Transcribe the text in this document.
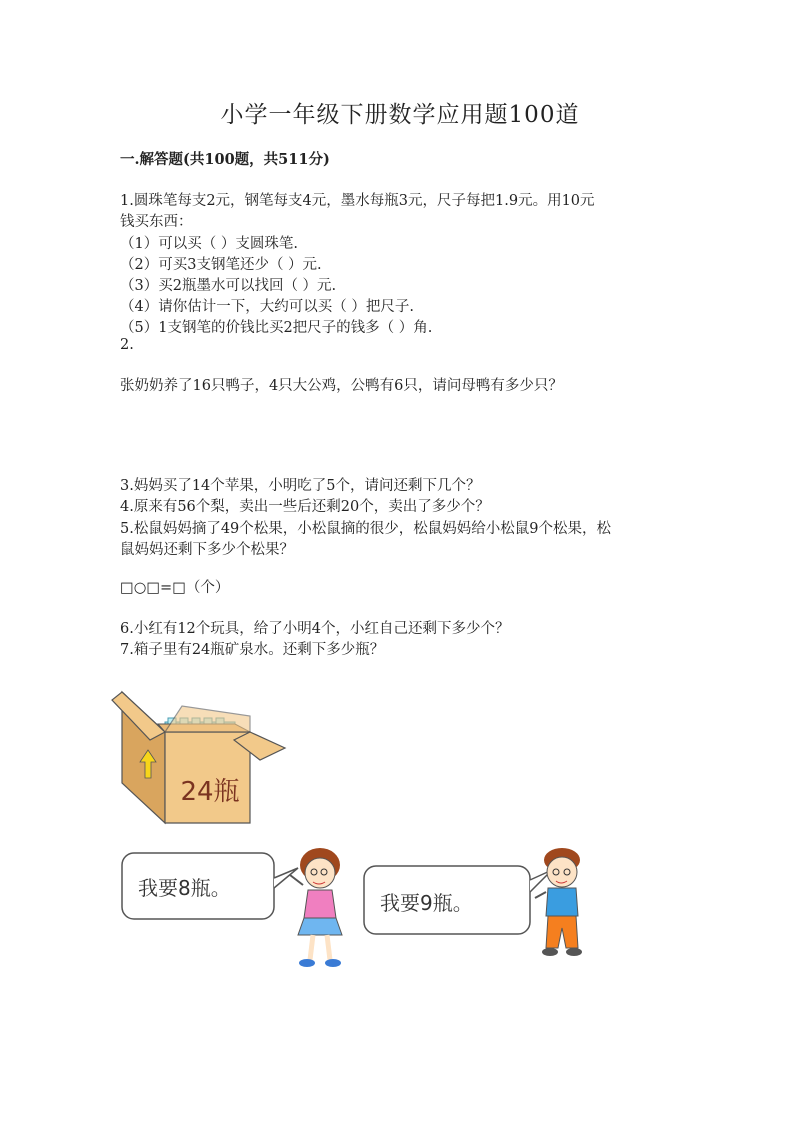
小学一年级下册数学应用题100道
一.解答题(共100题，共511分)
1.圆珠笔每支2元，钢笔每支4元，墨水每瓶3元，尺子每把1.9元。用10元
钱买东西：
（1）可以买（ ）支圆珠笔.
（2）可买3支钢笔还少（ ）元.
（3）买2瓶墨水可以找回（ ）元.
（4）请你估计一下，大约可以买（ ）把尺子.
（5）1支钢笔的价钱比买2把尺子的钱多（ ）角.
2.
张奶奶养了16只鸭子，4只大公鸡，公鸭有6只，请问母鸭有多少只？
3.妈妈买了14个苹果，小明吃了5个，请问还剩下几个？
4.原来有56个梨，卖出一些后还剩20个，卖出了多少个？
5.松鼠妈妈摘了49个松果，小松鼠摘的很少，松鼠妈妈给小松鼠9个松果，松
鼠妈妈还剩下多少个松果？
□○□=□（个）
6.小红有12个玩具，给了小明4个，小红自己还剩下多少个？
7.箱子里有24瓶矿泉水。还剩下多少瓶？
24瓶
我要8瓶。
我要9瓶。
